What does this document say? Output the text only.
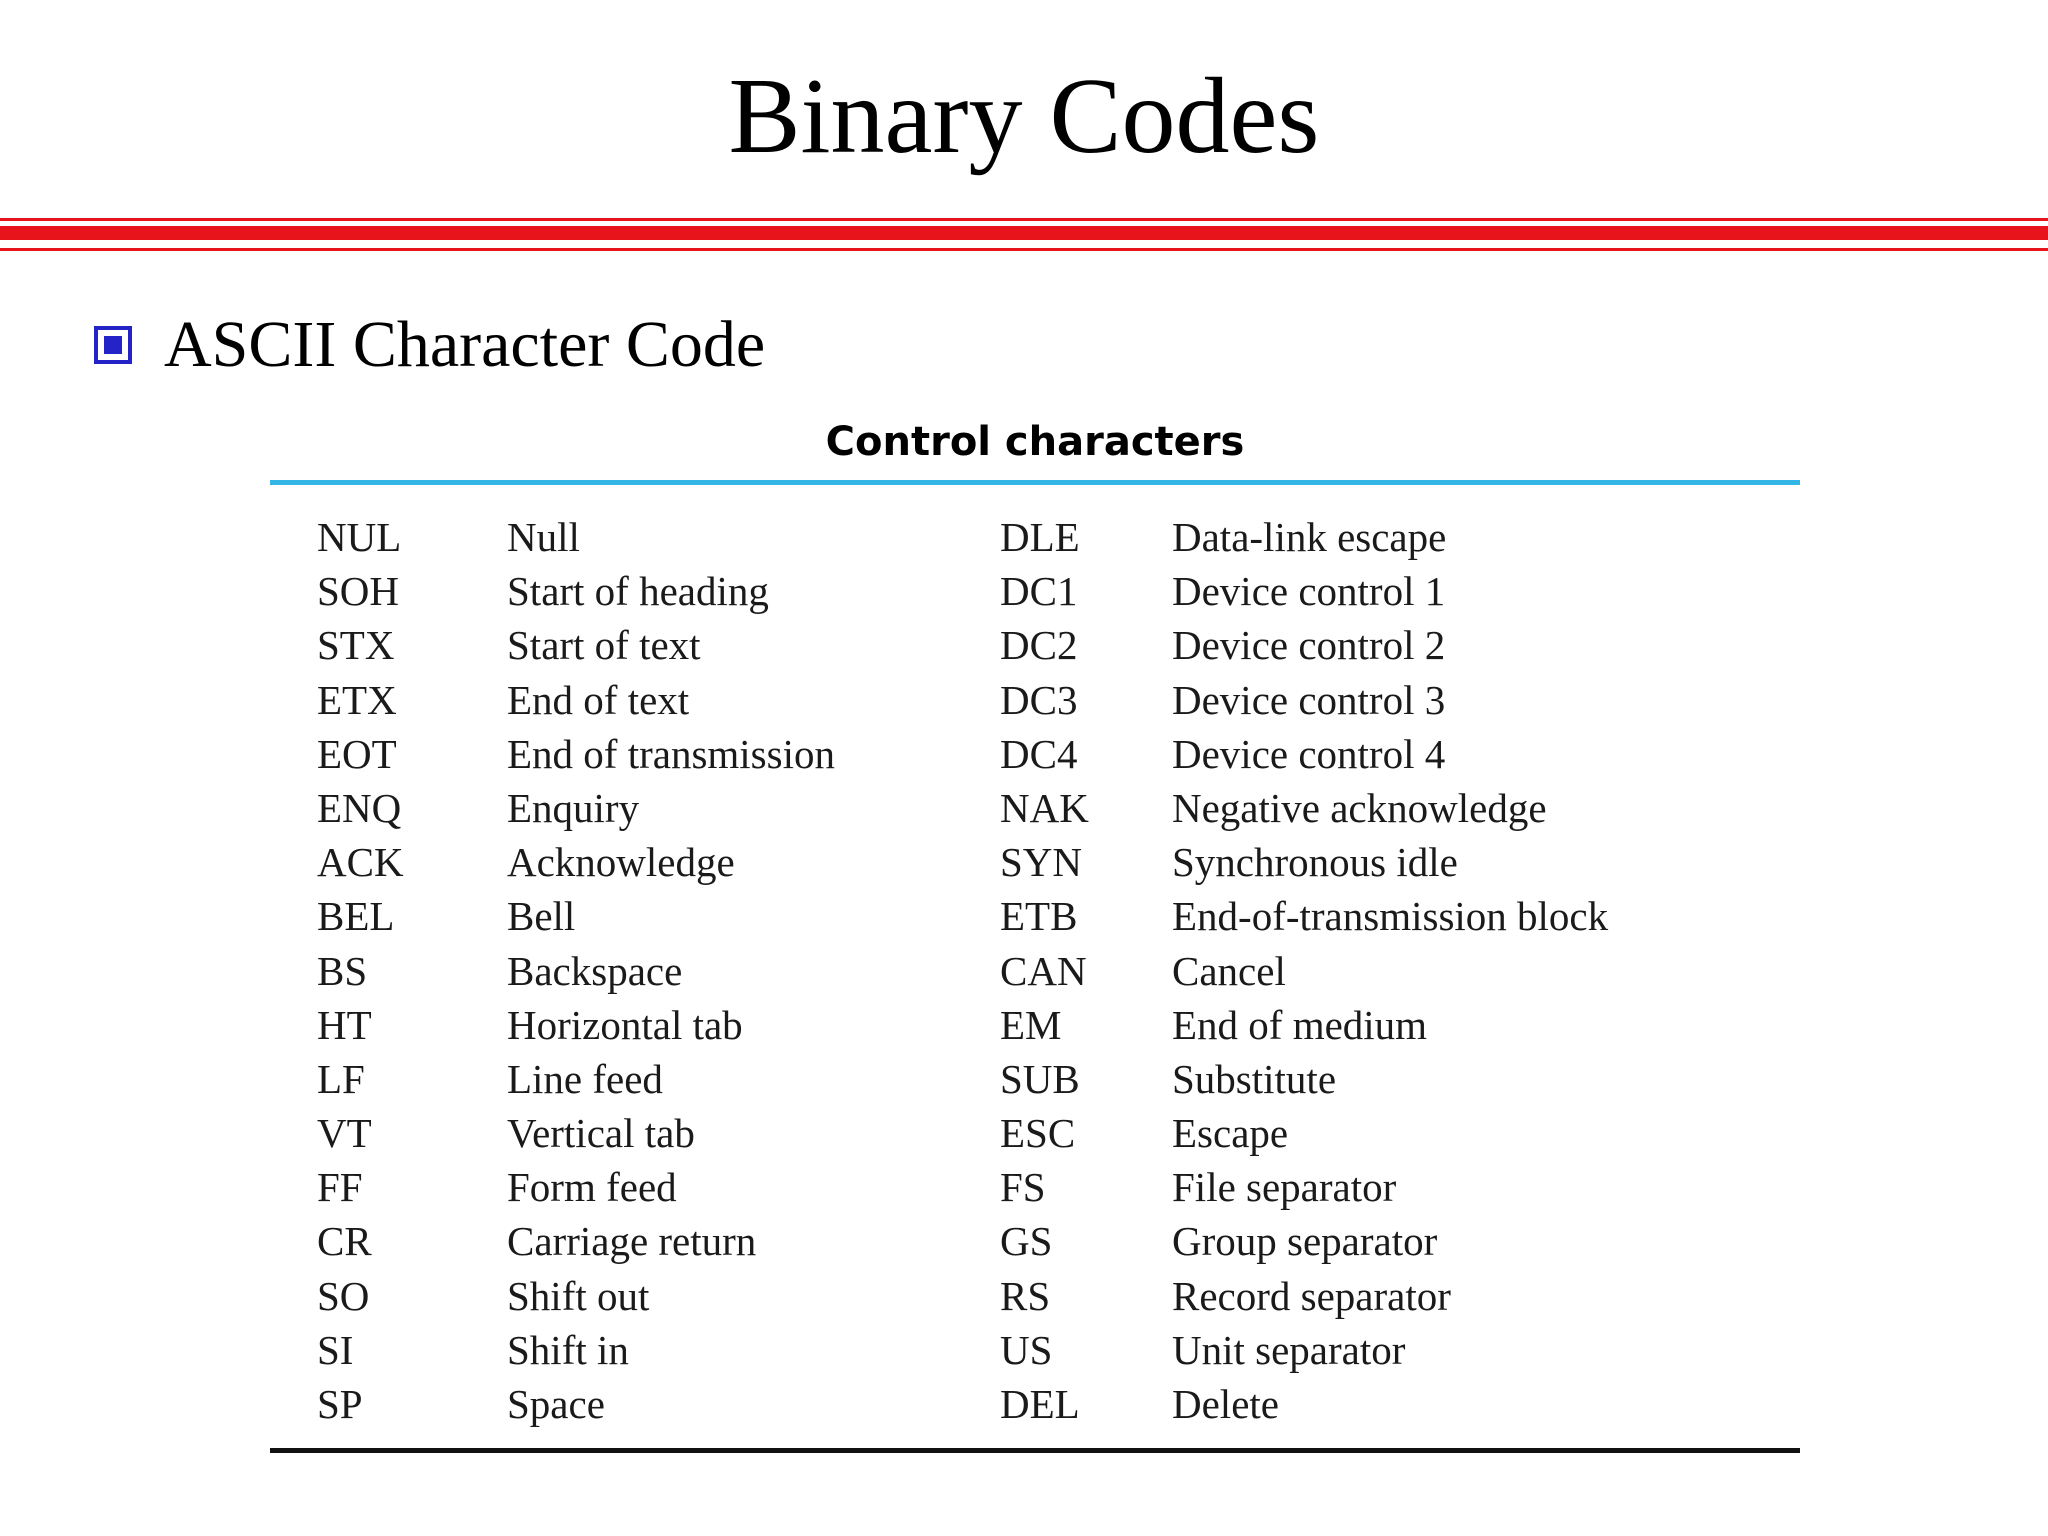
Binary Codes
ASCII Character Code
Control characters
NUL	Null	DLE Data-link escape
SOH	Start of heading	DC1 Device control 1
STX	Start of text	DC2 Device control 2
ETX	End of text	DC3 Device control 3
EOT	End of transmission	DC4 Device control 4
ENQ	Enquiry	NAK Negative acknowledge
ACK	Acknowledge	SYN Synchronous idle
BEL	Bell	ETB End-of-transmission block
BS	Backspace	CAN Cancel
HT	Horizontal tab	EM	End of medium
LF	Line feed	SUB Substitute
VT	Vertical tab	ESC Escape
FF	Form feed	FS	File separator
CR	Carriage return	GS	Group separator
SO	Shift out	RS	Record separator
SI	Shift in	US	Unit separator
SP	Space	DEL Delete
